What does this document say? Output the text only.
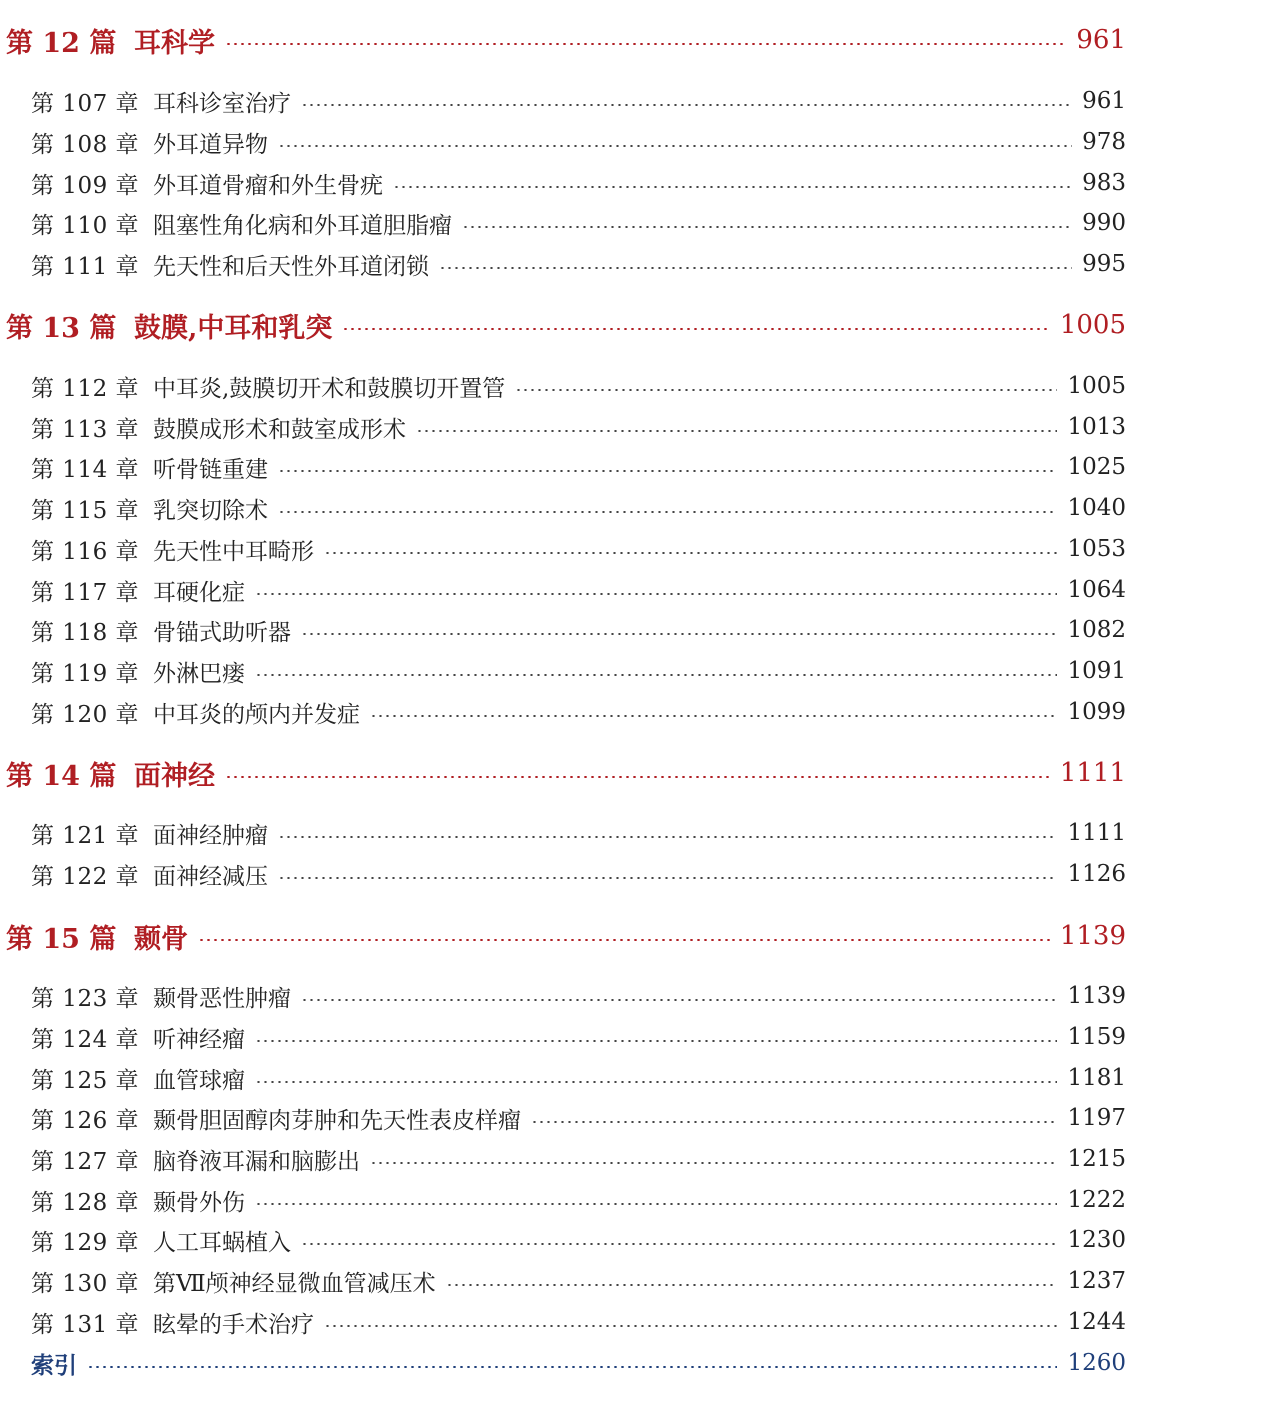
第 12 篇 耳科学	961
第 107 章 耳科诊室治疗	961
第 108 章 外耳道异物	978
第 109 章 外耳道骨瘤和外生骨疣	983
第 110 章 阻塞性角化病和外耳道胆脂瘤	990
第 111 章 先天性和后天性外耳道闭锁	995
第 13 篇 鼓膜,中耳和乳突	1005
第 112 章 中耳炎,鼓膜切开术和鼓膜切开置管	1005
第 113 章 鼓膜成形术和鼓室成形术	1013
第 114 章 听骨链重建	1025
第 115 章 乳突切除术	1040
第 116 章 先天性中耳畸形	1053
第 117 章 耳硬化症	1064
第 118 章 骨锚式助听器	1082
第 119 章 外淋巴瘘	1091
第 120 章 中耳炎的颅内并发症	1099
第 14 篇 面神经	1111
第 121 章 面神经肿瘤	1111
第 122 章 面神经减压	1126
第 15 篇 颞骨	1139
第 123 章 颞骨恶性肿瘤	1139
第 124 章 听神经瘤	1159
第 125 章 血管球瘤	1181
第 126 章 颞骨胆固醇肉芽肿和先天性表皮样瘤	1197
第 127 章 脑脊液耳漏和脑膨出	1215
第 128 章 颞骨外伤	1222
第 129 章 人工耳蜗植入	1230
第 130 章 第Ⅶ颅神经显微血管减压术	1237
第 131 章 眩晕的手术治疗	1244
索引	1260
